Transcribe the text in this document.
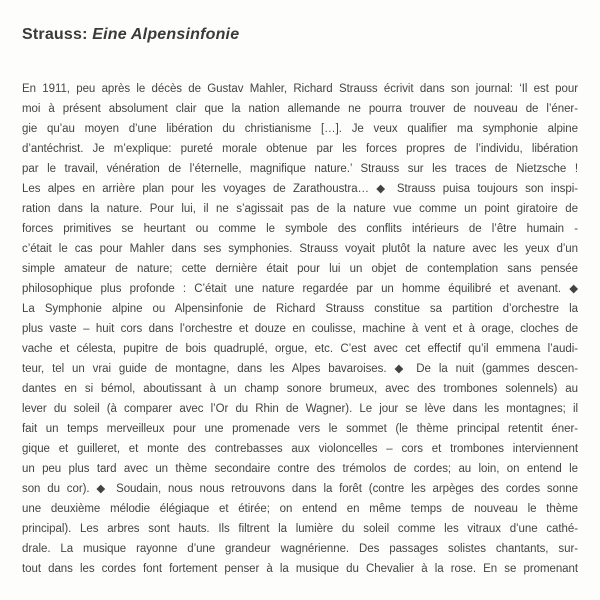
Strauss: Eine Alpensinfonie
En 1911, peu après le décès de Gustav Mahler, Richard Strauss écrivit dans son journal: ‘Il est pour
moi à présent absolument clair que la nation allemande ne pourra trouver de nouveau de l’éner-
gie qu’au moyen d’une libération du christianisme […]. Je veux qualifier ma symphonie alpine
d’antéchrist. Je m’explique: pureté morale obtenue par les forces propres de l’individu, libération
par le travail, vénération de l’éternelle, magnifique nature.’ Strauss sur les traces de Nietzsche !
Les alpes en arrière plan pour les voyages de Zarathoustra… ◆ Strauss puisa toujours son inspi-
ration dans la nature. Pour lui, il ne s’agissait pas de la nature vue comme un point giratoire de
forces primitives se heurtant ou comme le symbole des conflits intérieurs de l’être humain -
c’était le cas pour Mahler dans ses symphonies. Strauss voyait plutôt la nature avec les yeux d’un
simple amateur de nature; cette dernière était pour lui un objet de contemplation sans pensée
philosophique plus profonde : C’était une nature regardée par un homme équilibré et avenant. ◆
La Symphonie alpine ou Alpensinfonie de Richard Strauss constitue sa partition d’orchestre la
plus vaste – huit cors dans l’orchestre et douze en coulisse, machine à vent et à orage, cloches de
vache et célesta, pupitre de bois quadruplé, orgue, etc. C’est avec cet effectif qu’il emmena l’audi-
teur, tel un vrai guide de montagne, dans les Alpes bavaroises. ◆ De la nuit (gammes descen-
dantes en si bémol, aboutissant à un champ sonore brumeux, avec des trombones solennels) au
lever du soleil (à comparer avec l’Or du Rhin de Wagner). Le jour se lève dans les montagnes; il
fait un temps merveilleux pour une promenade vers le sommet (le thème principal retentit éner-
gique et guilleret, et monte des contrebasses aux violoncelles – cors et trombones interviennent
un peu plus tard avec un thème secondaire contre des trémolos de cordes; au loin, on entend le
son du cor). ◆ Soudain, nous nous retrouvons dans la forêt (contre les arpèges des cordes sonne
une deuxième mélodie élégiaque et étirée; on entend en même temps de nouveau le thème
principal). Les arbres sont hauts. Ils filtrent la lumière du soleil comme les vitraux d’une cathé-
drale. La musique rayonne d’une grandeur wagnérienne. Des passages solistes chantants, sur-
tout dans les cordes font fortement penser à la musique du Chevalier à la rose. En se promenant
